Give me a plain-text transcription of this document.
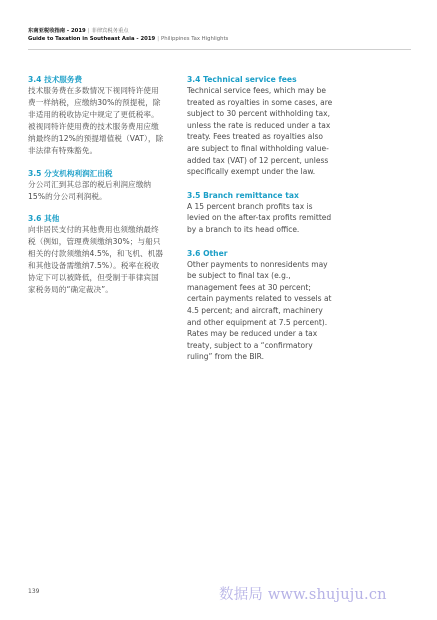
东南亚税收指南 - 2019 | 菲律宾税务重点
Guide to Taxation in Southeast Asia - 2019 | Philippines Tax Highlights
3.4 技术服务费

技术服务费在多数情况下视同特许使用费一样纳税，应缴纳30%的预提税，除非适用的税收协定中规定了更低税率。被视同特许使用费的技术服务费用应缴纳最终的12%的预提增值税（VAT），除非法律有特殊豁免。

3.5 分支机构利润汇出税

分公司汇到其总部的税后利润应缴纳15%的分公司利润税。

3.6 其他

向非居民支付的其他费用也须缴纳最终税（例如，管理费须缴纳30%；与船只相关的付款须缴纳4.5%，和飞机、机器和其他设备需缴纳7.5%）。税率在税收协定下可以被降低，但受制于菲律宾国家税务局的“确定裁决”。

3.4 Technical service fees

Technical service fees, which may be treated as royalties in some cases, are subject to 30 percent withholding tax, unless the rate is reduced under a tax treaty. Fees treated as royalties also are subject to final withholding value-added tax (VAT) of 12 percent, unless specifically exempt under the law.

3.5 Branch remittance tax

A 15 percent branch profits tax is levied on the after-tax profits remitted by a branch to its head office.

3.6 Other

Other payments to nonresidents may be subject to final tax (e.g., management fees at 30 percent; certain payments related to vessels at 4.5 percent; and aircraft, machinery and other equipment at 7.5 percent). Rates may be reduced under a tax treaty, subject to a “confirmatory ruling” from the BIR.

139	数据局 www.shujuju.cn
